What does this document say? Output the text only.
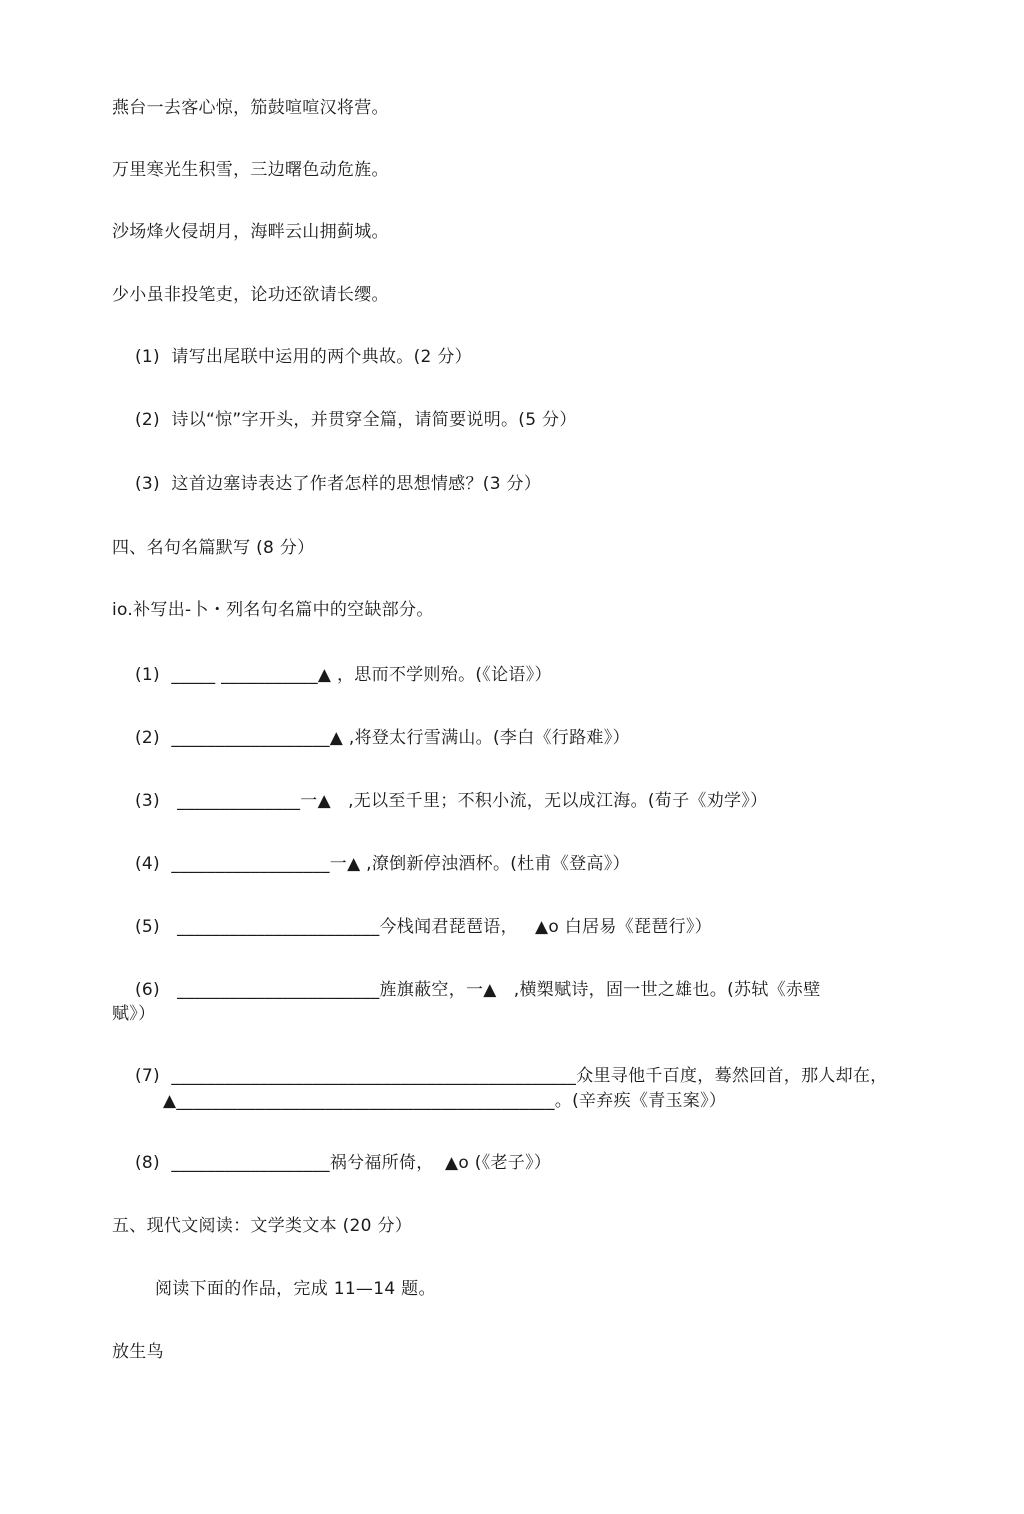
燕台一去客心惊，笳鼓喧喧汉将营。
万里寒光生积雪，三边曙色动危旌。
沙场烽火侵胡月，海畔云山拥蓟城。
少小虽非投笔吏，论功还欲请长缨。
(1)  请写出尾联中运用的两个典故。(2 分）
(2)  诗以“惊”字开头，并贯穿全篇，请简要说明。(5 分）
(3)  这首边塞诗表达了作者怎样的思想情感？(3 分）
四、名句名篇默写 (8 分）
io.补写出-卜・列名句名篇中的空缺部分。
(1)  _____ ___________▲ ，思而不学则殆。(《论语》）
(2)  __________________▲ ,将登太行雪满山。(李白《行路难》）
(3)   ______________一▲   ,无以至千里；不积小流，无以成江海。(荀子《劝学》）
(4)  __________________一▲ ,潦倒新停浊酒杯。(杜甫《登高》）
(5)   _______________________今栈闻君琵琶语，   ▲o 白居易《琵琶行》）
(6)   _______________________旌旗蔽空，一▲   ,横槊赋诗，固一世之雄也。(苏轼《赤壁
赋》）
(7)  ______________________________________________众里寻他千百度，蓦然回首，那人却在，
▲___________________________________________。(辛弃疾《青玉案》）
(8)  __________________祸兮福所倚，  ▲o (《老子》）
五、现代文阅读：文学类文本 (20 分）
阅读下面的作品，完成 11—14 题。
放生鸟
